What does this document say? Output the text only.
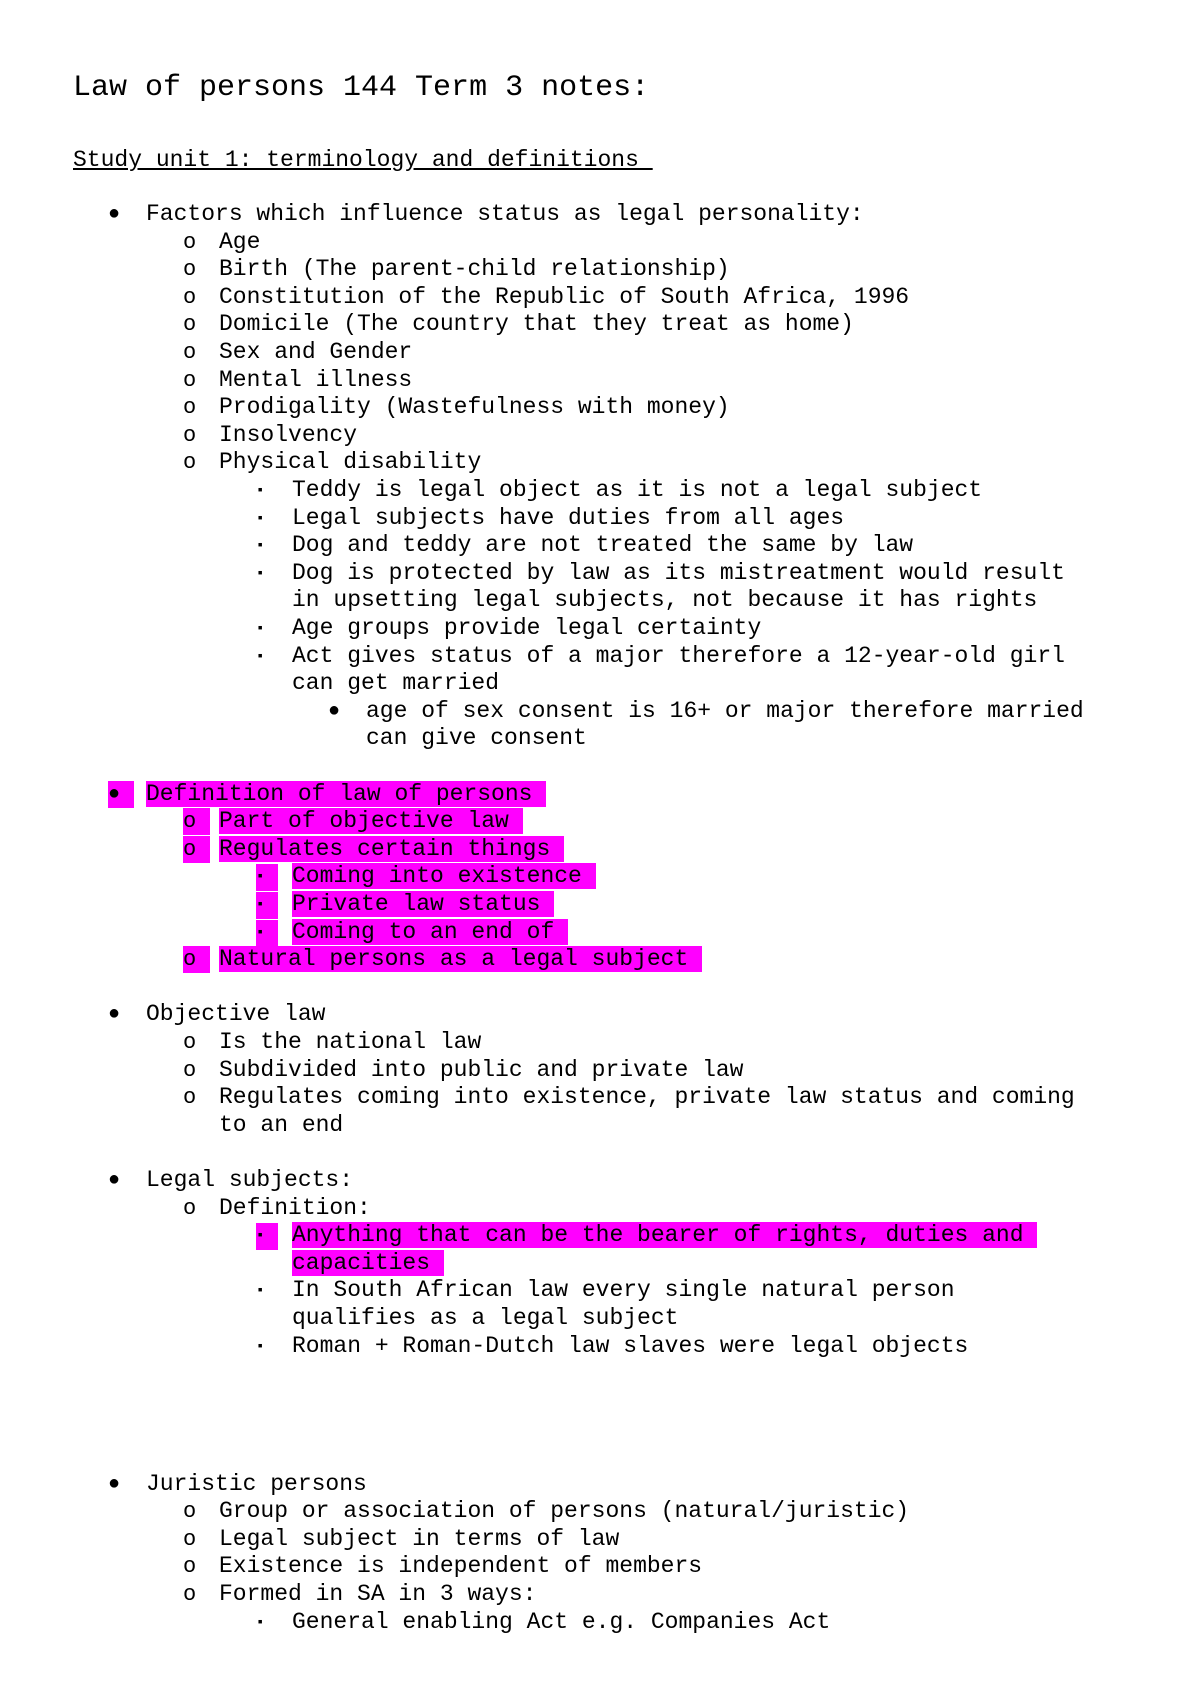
Law of persons 144 Term 3 notes:
Study unit 1: terminology and definitions
● Factors which influence status as legal personality:
o Age
o Birth (The parent-child relationship)
o Constitution of the Republic of South Africa, 1996
o Domicile (The country that they treat as home)
o Sex and Gender
o Mental illness
o Prodigality (Wastefulness with money)
o Insolvency
o Physical disability
▪ Teddy is legal object as it is not a legal subject
▪ Legal subjects have duties from all ages
▪ Dog and teddy are not treated the same by law
▪ Dog is protected by law as its mistreatment would result
in upsetting legal subjects, not because it has rights
▪ Age groups provide legal certainty
▪ Act gives status of a major therefore a 12-year-old girl
can get married
● age of sex consent is 16+ or major therefore married
can give consent
●	Definition of law of persons
o Part of objective law
o Regulates certain things
▪	Coming into existence
▪	Private law status
▪	Coming to an end of
o Natural persons as a legal subject
● Objective law
o Is the national law
o Subdivided into public and private law
o Regulates coming into existence, private law status and coming
to an end
● Legal subjects:
o Definition:
▪	Anything that can be the bearer of rights, duties and
capacities
▪ In South African law every single natural person
qualifies as a legal subject
▪ Roman + Roman-Dutch law slaves were legal objects
● Juristic persons
o Group or association of persons (natural/juristic)
o Legal subject in terms of law
o Existence is independent of members
o Formed in SA in 3 ways:
▪ General enabling Act e.g. Companies Act
